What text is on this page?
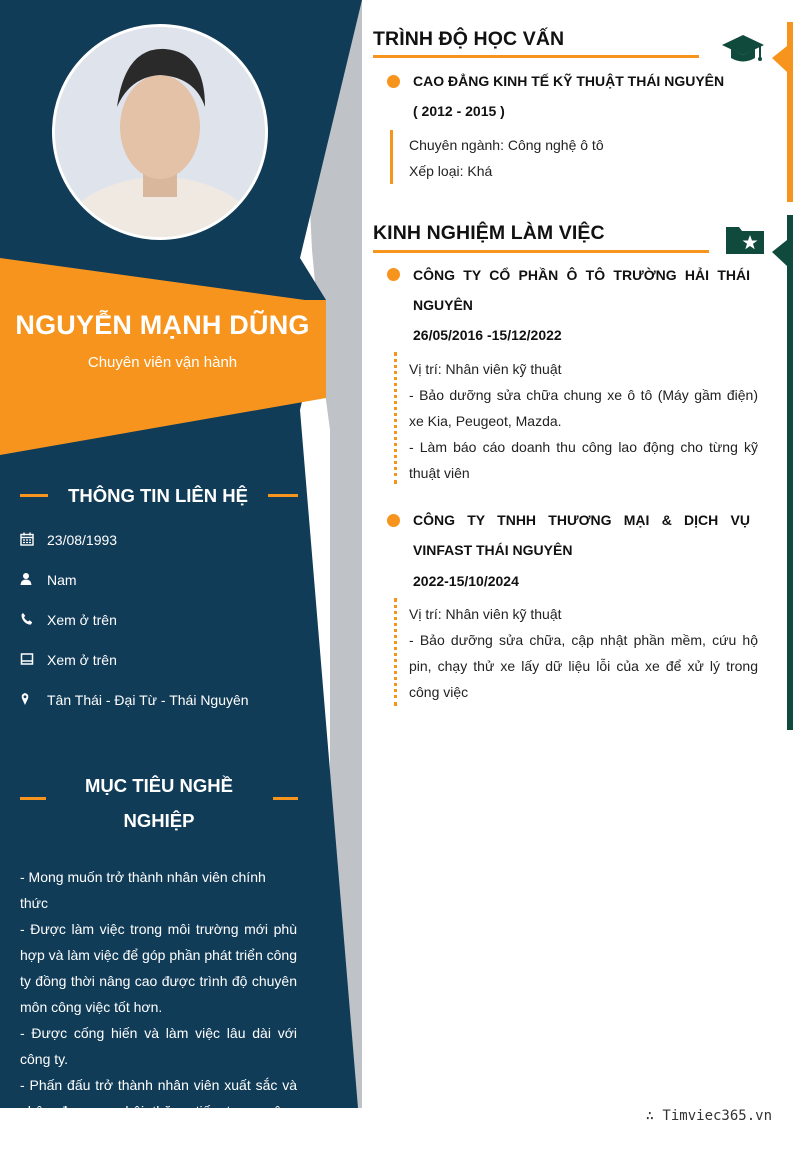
NGUYỄN MẠNH DŨNG
Chuyên viên vận hành
THÔNG TIN LIÊN HỆ
23/08/1993
Nam
Xem ở trên
Xem ở trên
Tân Thái - Đại Từ - Thái Nguyên
MỤC TIÊU NGHỀ
NGHIỆP
- Mong muốn trở thành nhân viên chính thức
- Được làm việc trong môi trường mới phù hợp và làm việc để góp phần phát triển công ty đồng thời nâng cao được trình độ chuyên môn công việc tốt hơn.
- Được cống hiến và làm việc lâu dài với công ty.
- Phấn đấu trở thành nhân viên xuất sắc và nhận được cơ hội thăng tiến trong công việc.
TRÌNH ĐỘ HỌC VẤN
CAO ĐẲNG KINH TẾ KỸ THUẬT THÁI NGUYÊN
( 2012 - 2015 )
Chuyên ngành: Công nghệ ô tô
Xếp loại: Khá
KINH NGHIỆM LÀM VIỆC
CÔNG TY CỔ PHẦN Ô TÔ TRƯỜNG HẢI THÁI NGUYÊN
26/05/2016 -15/12/2022
Vị trí: Nhân viên kỹ thuật
- Bảo dưỡng sửa chữa chung xe ô tô (Máy gầm điện) xe Kia, Peugeot, Mazda.
- Làm báo cáo doanh thu công lao động cho từng kỹ thuật viên
CÔNG TY TNHH THƯƠNG MẠI & DỊCH VỤ VINFAST THÁI NGUYÊN
2022-15/10/2024
Vị trí: Nhân viên kỹ thuật
- Bảo dưỡng sửa chữa, cập nhật phần mềm, cứu hộ pin, chạy thử xe lấy dữ liệu lỗi của xe để xử lý trong công việc
∴ Timviec365.vn
